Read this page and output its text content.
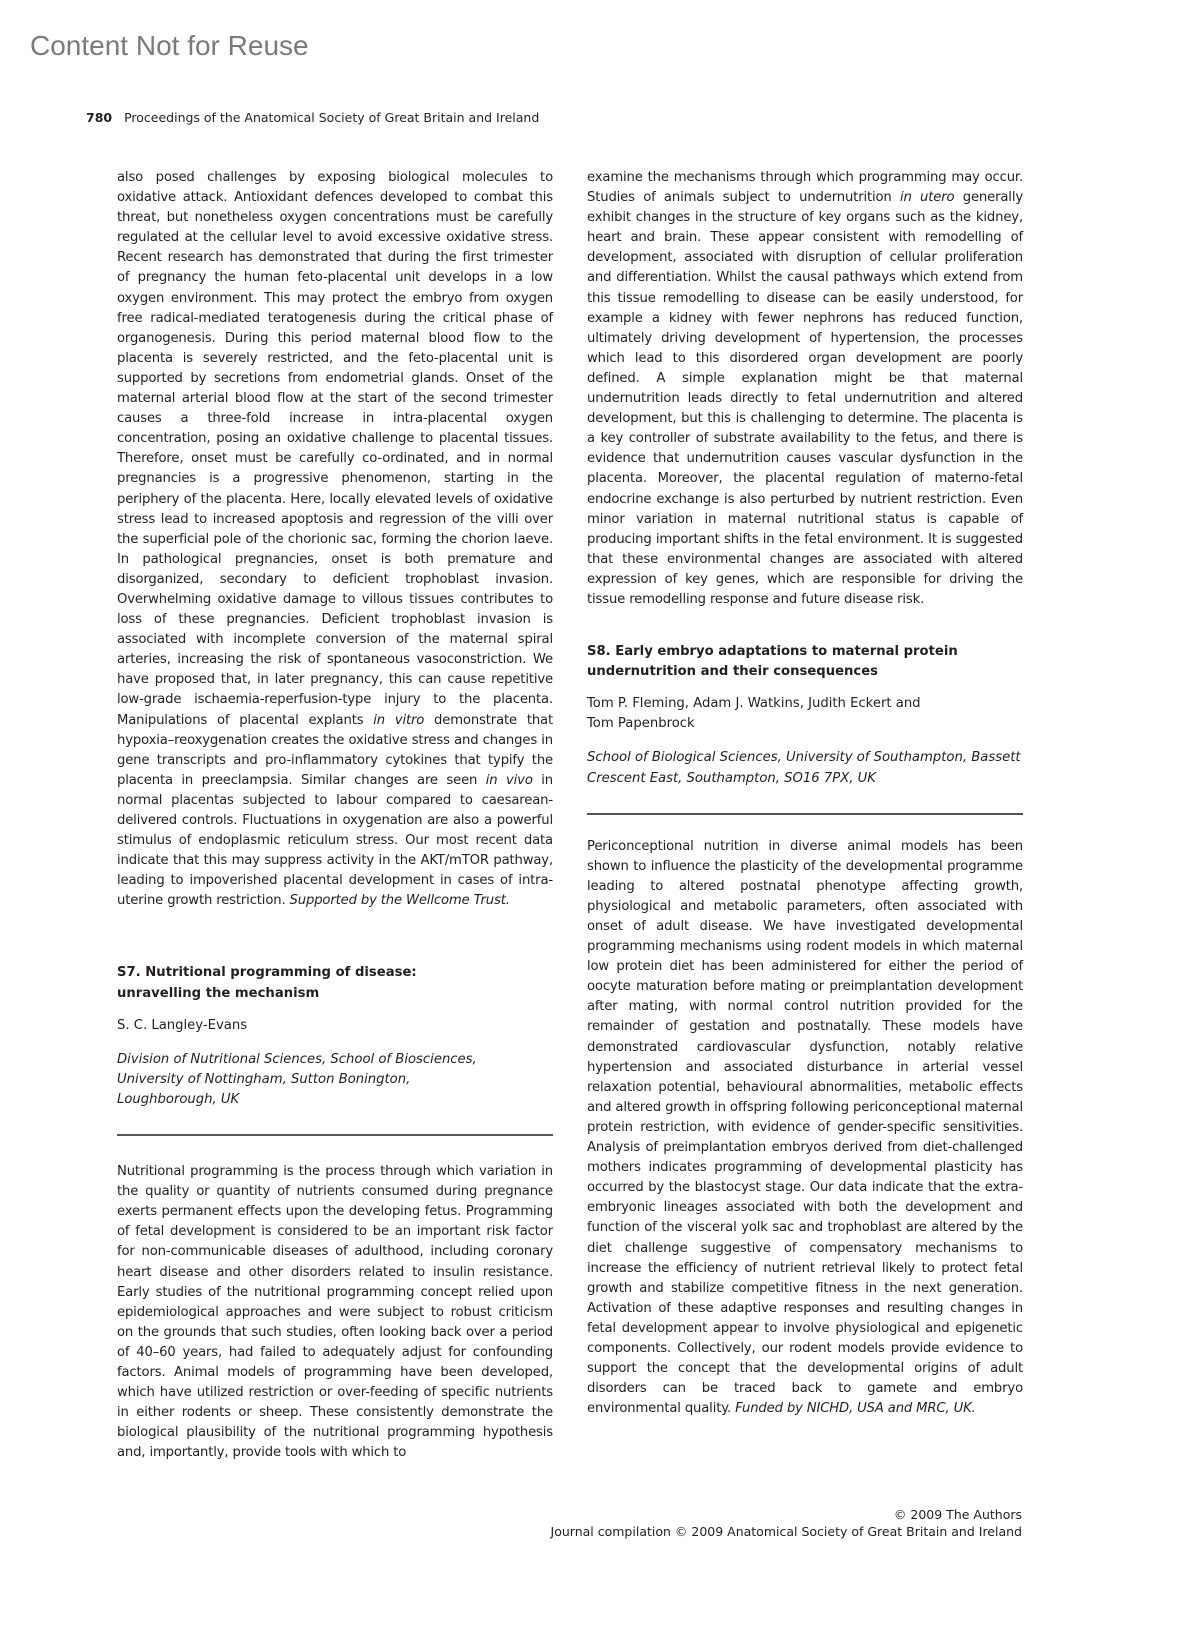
Content Not for Reuse
780 Proceedings of the Anatomical Society of Great Britain and Ireland

also posed challenges by exposing biological molecules to oxidative attack. Antioxidant defences developed to combat this threat, but nonetheless oxygen concentrations must be carefully regulated at the cellular level to avoid excessive oxidative stress. Recent research has demonstrated that during the first trimester of pregnancy the human feto-placental unit develops in a low oxygen environment. This may protect the embryo from oxygen free radical-mediated teratogenesis during the critical phase of organogenesis. During this period maternal blood flow to the placenta is severely restricted, and the feto-placental unit is supported by secretions from endometrial glands. Onset of the maternal arterial blood flow at the start of the second trimester causes a three-fold increase in intra-placental oxygen concentration, posing an oxidative challenge to placental tissues. Therefore, onset must be carefully co-ordinated, and in normal pregnancies is a progressive phenomenon, starting in the periphery of the placenta. Here, locally elevated levels of oxidative stress lead to increased apoptosis and regression of the villi over the superficial pole of the chorionic sac, forming the chorion laeve. In pathological pregnancies, onset is both premature and disorganized, secondary to deficient trophoblast invasion. Overwhelming oxidative damage to villous tissues contributes to loss of these pregnancies. Deficient trophoblast invasion is associated with incomplete conversion of the maternal spiral arteries, increasing the risk of spontaneous vasoconstriction. We have proposed that, in later pregnancy, this can cause repetitive low-grade ischaemia-reperfusion-type injury to the placenta. Manipulations of placental explants in vitro demonstrate that hypoxia–reoxygenation creates the oxidative stress and changes in gene transcripts and pro-inflammatory cytokines that typify the placenta in preeclampsia. Similar changes are seen in vivo in normal placentas subjected to labour compared to caesarean-delivered controls. Fluctuations in oxygenation are also a powerful stimulus of endoplasmic reticulum stress. Our most recent data indicate that this may suppress activity in the AKT/mTOR pathway, leading to impoverished placental development in cases of intra-uterine growth restriction. Supported by the Wellcome Trust.

S7. Nutritional programming of disease: unravelling the mechanism

S. C. Langley-Evans

Division of Nutritional Sciences, School of Biosciences, University of Nottingham, Sutton Bonington, Loughborough, UK

Nutritional programming is the process through which variation in the quality or quantity of nutrients consumed during pregnance exerts permanent effects upon the developing fetus. Programming of fetal development is considered to be an important risk factor for non-communicable diseases of adulthood, including coronary heart disease and other disorders related to insulin resistance. Early studies of the nutritional programming concept relied upon epidemiological approaches and were subject to robust criticism on the grounds that such studies, often looking back over a period of 40–60 years, had failed to adequately adjust for confounding factors. Animal models of programming have been developed, which have utilized restriction or over-feeding of specific nutrients in either rodents or sheep. These consistently demonstrate the biological plausibility of the nutritional programming hypothesis and, importantly, provide tools with which to

examine the mechanisms through which programming may occur. Studies of animals subject to undernutrition in utero generally exhibit changes in the structure of key organs such as the kidney, heart and brain. These appear consistent with remodelling of development, associated with disruption of cellular proliferation and differentiation. Whilst the causal pathways which extend from this tissue remodelling to disease can be easily understood, for example a kidney with fewer nephrons has reduced function, ultimately driving development of hypertension, the processes which lead to this disordered organ development are poorly defined. A simple explanation might be that maternal undernutrition leads directly to fetal undernutrition and altered development, but this is challenging to determine. The placenta is a key controller of substrate availability to the fetus, and there is evidence that undernutrition causes vascular dysfunction in the placenta. Moreover, the placental regulation of materno-fetal endocrine exchange is also perturbed by nutrient restriction. Even minor variation in maternal nutritional status is capable of producing important shifts in the fetal environment. It is suggested that these environmental changes are associated with altered expression of key genes, which are responsible for driving the tissue remodelling response and future disease risk.

S8. Early embryo adaptations to maternal protein undernutrition and their consequences

Tom P. Fleming, Adam J. Watkins, Judith Eckert and Tom Papenbrock

School of Biological Sciences, University of Southampton, Bassett Crescent East, Southampton, SO16 7PX, UK

Periconceptional nutrition in diverse animal models has been shown to influence the plasticity of the developmental programme leading to altered postnatal phenotype affecting growth, physiological and metabolic parameters, often associated with onset of adult disease. We have investigated developmental programming mechanisms using rodent models in which maternal low protein diet has been administered for either the period of oocyte maturation before mating or preimplantation development after mating, with normal control nutrition provided for the remainder of gestation and postnatally. These models have demonstrated cardiovascular dysfunction, notably relative hypertension and associated disturbance in arterial vessel relaxation potential, behavioural abnormalities, metabolic effects and altered growth in offspring following periconceptional maternal protein restriction, with evidence of gender-specific sensitivities. Analysis of preimplantation embryos derived from diet-challenged mothers indicates programming of developmental plasticity has occurred by the blastocyst stage. Our data indicate that the extra-embryonic lineages associated with both the development and function of the visceral yolk sac and trophoblast are altered by the diet challenge suggestive of compensatory mechanisms to increase the efficiency of nutrient retrieval likely to protect fetal growth and stabilize competitive fitness in the next generation. Activation of these adaptive responses and resulting changes in fetal development appear to involve physiological and epigenetic components. Collectively, our rodent models provide evidence to support the concept that the developmental origins of adult disorders can be traced back to gamete and embryo environmental quality. Funded by NICHD, USA and MRC, UK.

© 2009 The Authors
Journal compilation © 2009 Anatomical Society of Great Britain and Ireland
